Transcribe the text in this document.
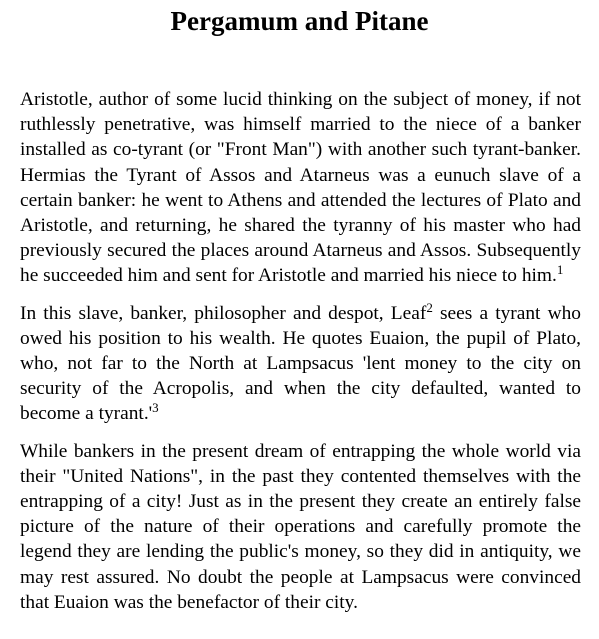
Pergamum and Pitane

Aristotle, author of some lucid thinking on the subject of money, if not ruthlessly penetrative, was himself married to the niece of a banker installed as co-tyrant (or "Front Man") with another such tyrant-banker. Hermias the Tyrant of Assos and Atarneus was a eunuch slave of a certain banker: he went to Athens and attended the lectures of Plato and Aristotle, and returning, he shared the tyranny of his master who had previously secured the places around Atarneus and Assos. Subsequently he succeeded him and sent for Aristotle and married his niece to him.$^1$

In this slave, banker, philosopher and despot, Leaf$^2$ sees a tyrant who owed his position to his wealth. He quotes Euaion, the pupil of Plato, who, not far to the North at Lampsacus 'lent money to the city on security of the Acropolis, and when the city defaulted, wanted to become a $tyrant.'^3$

While bankers in the present dream of entrapping the whole world via their "United Nations", in the past they contented themselves with the entrapping of a city! Just as in the present they create an entirely false picture of the nature of their operations and carefully promote the legend they are lending the public's money, so they did in antiquity, we may rest assured. No doubt the people at Lampsacus were convinced that Euaion was the benefactor of their city.
